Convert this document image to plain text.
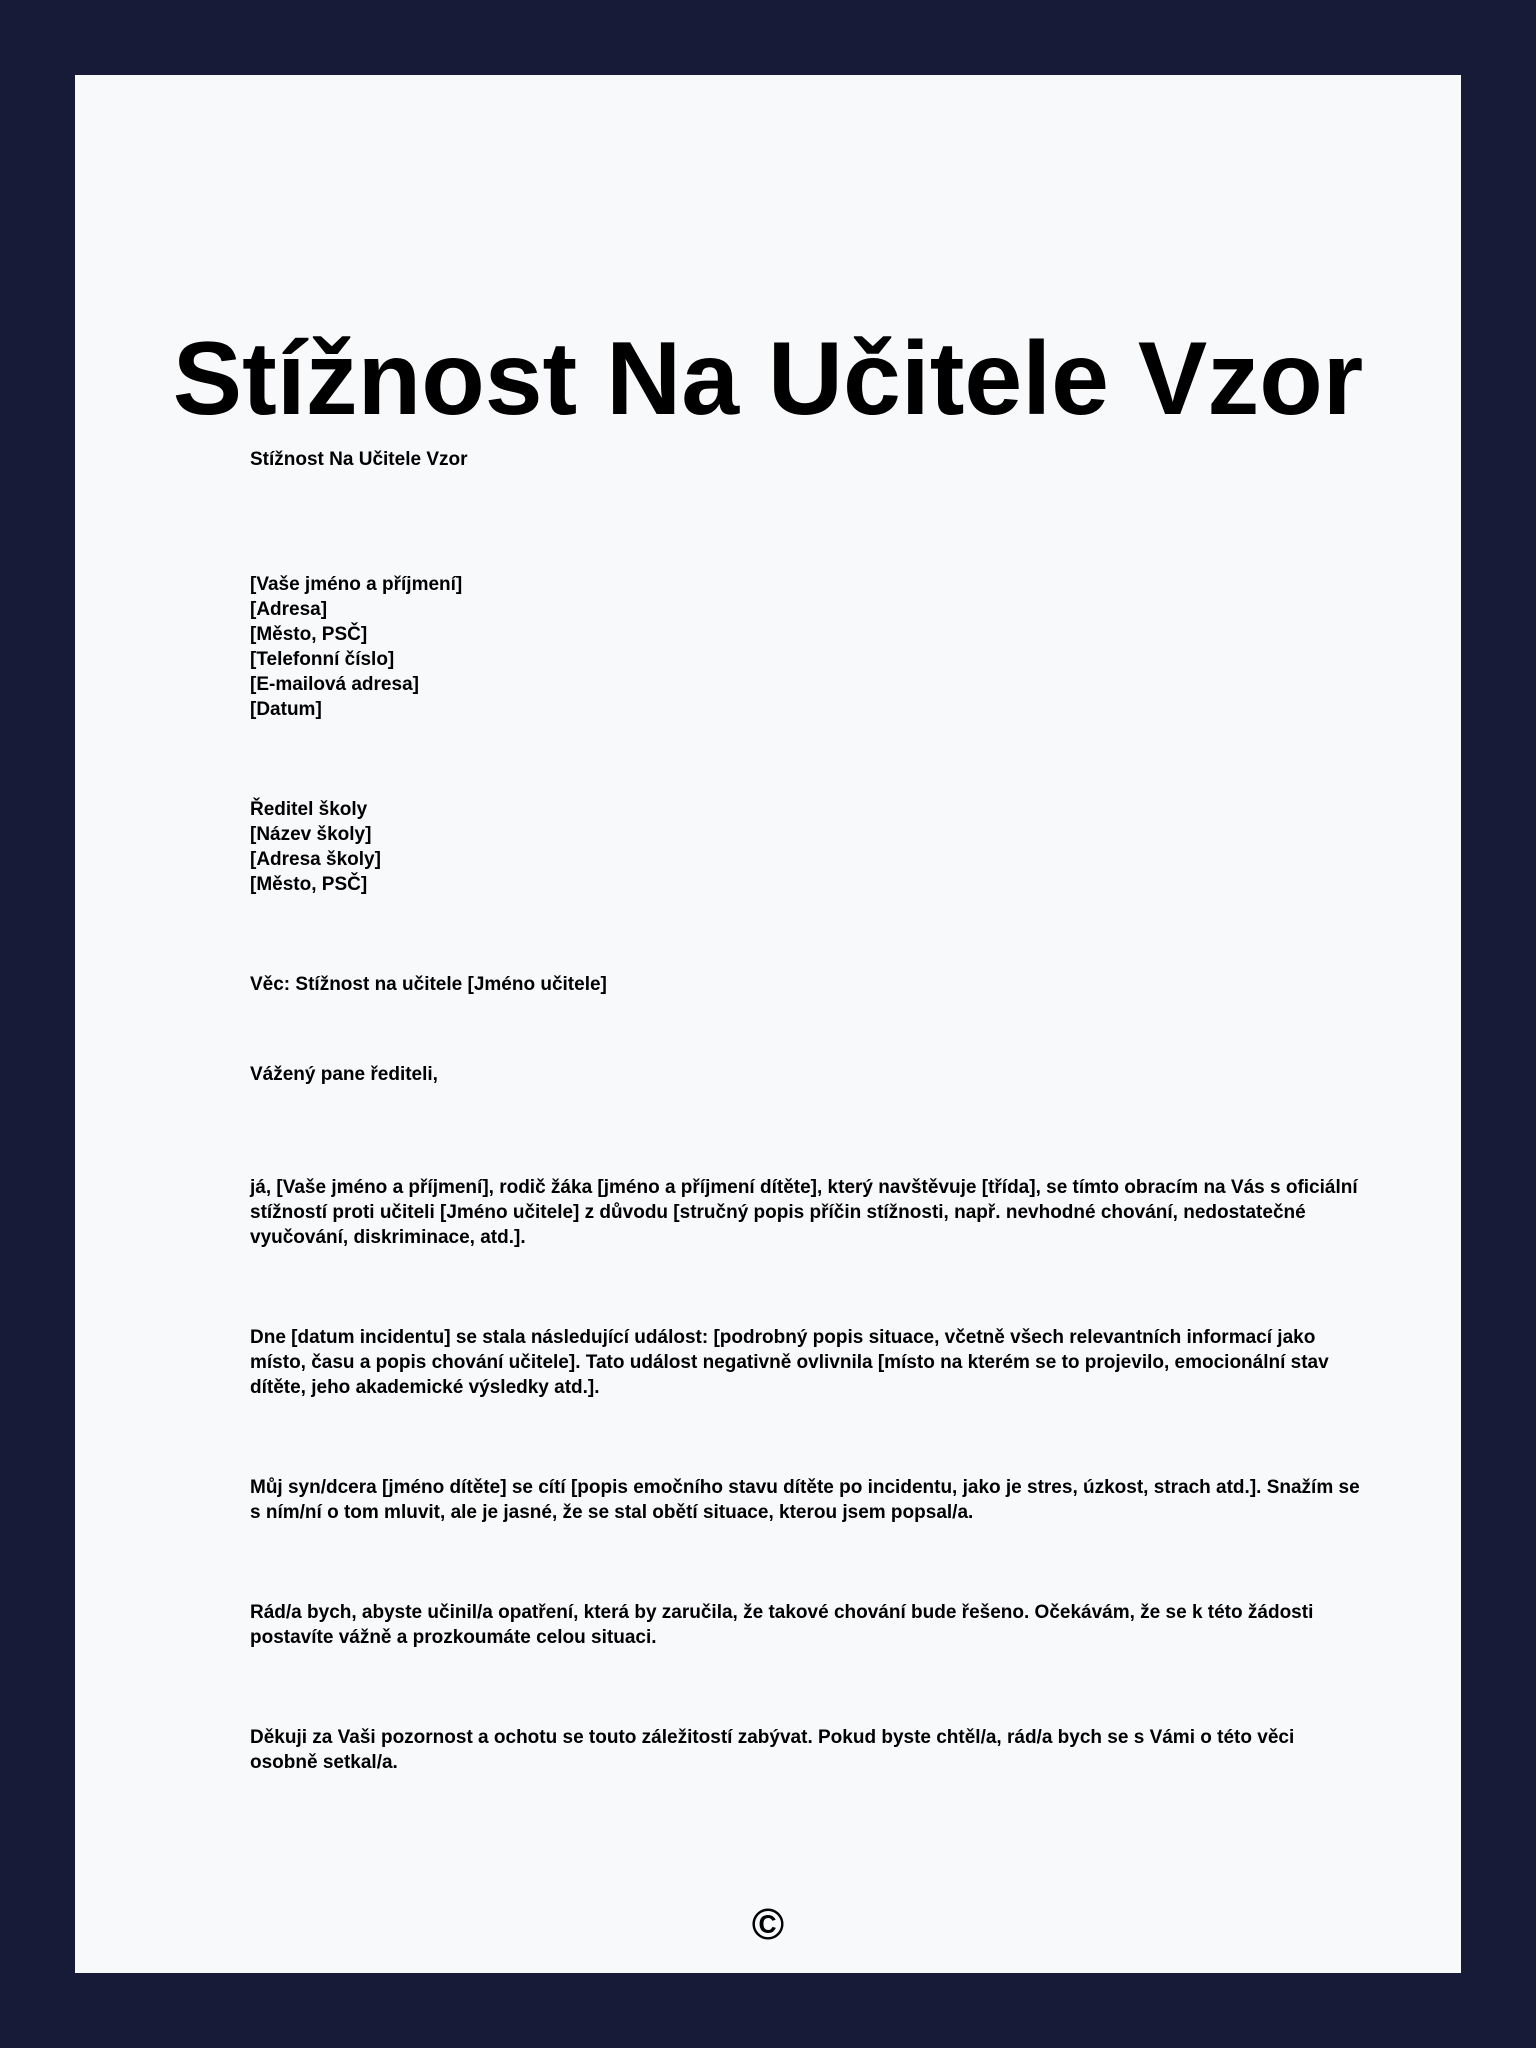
Stížnost Na Učitele Vzor

Stížnost Na Učitele Vzor

[Vaše jméno a příjmení]
[Adresa]
[Město, PSČ]
[Telefonní číslo]
[E-mailová adresa]
[Datum]
Ředitel školy
[Název školy]
[Adresa školy]
[Město, PSČ]

Věc: Stížnost na učitele [Jméno učitele]

Vážený pane řediteli,

já, [Vaše jméno a příjmení], rodič žáka [jméno a příjmení dítěte], který navštěvuje [třída], se tímto obracím na Vás s oficiální stížností proti učiteli [Jméno učitele] z důvodu [stručný popis příčin stížnosti, např. nevhodné chování, nedostatečné vyučování, diskriminace, atd.].

Dne [datum incidentu] se stala následující událost: [podrobný popis situace, včetně všech relevantních informací jako místo, času a popis chování učitele]. Tato událost negativně ovlivnila [místo na kterém se to projevilo, emocionální stav dítěte, jeho akademické výsledky atd.].

Můj syn/dcera [jméno dítěte] se cítí [popis emočního stavu dítěte po incidentu, jako je stres, úzkost, strach atd.]. Snažím se s ním/ní o tom mluvit, ale je jasné, že se stal obětí situace, kterou jsem popsal/a.

Rád/a bych, abyste učinil/a opatření, která by zaručila, že takové chování bude řešeno. Očekávám, že se k této žádosti postavíte vážně a prozkoumáte celou situaci.

Děkuji za Vaši pozornost a ochotu se touto záležitostí zabývat. Pokud byste chtěl/a, rád/a bych se s Vámi o této věci osobně setkal/a.

©
